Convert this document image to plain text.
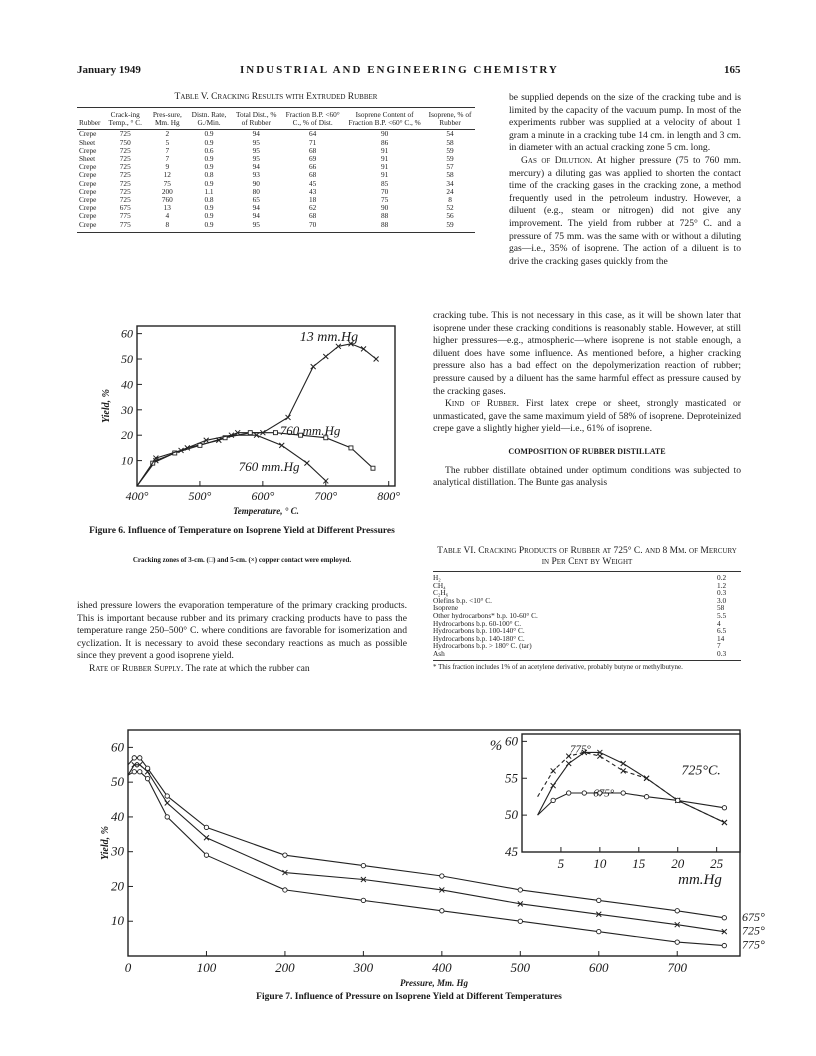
January 1949	INDUSTRIAL AND ENGINEERING CHEMISTRY	165
Table V. Cracking Results with Extruded Rubber
Rubber	Crack-ing Temp., ° C.	Pres-sure, Mm. Hg	Distn. Rate, G./Min.	Total Dist., % of Rubber	Fraction B.P. <60° C., % of Dist.	Isoprene Content of Fraction B.P. <60° C., %	Isoprene, % of Rubber
Crepe	725	2	0.9	94	64	90	54
Sheet	750	5	0.9	95	71	86	58
Crepe	725	7	0.6	95	68	91	59
Sheet	725	7	0.9	95	69	91	59
Crepe	725	9	0.9	94	66	91	57
Crepe	725	12	0.8	93	68	91	58
Crepe	725	75	0.9	90	45	85	34
Crepe	725	200	1.1	80	43	70	24
Crepe	725	760	0.8	65	18	75	8
Crepe	675	13	0.9	94	62	90	52
Crepe	775	4	0.9	94	68	88	56
Crepe	775	8	0.9	95	70	88	59

be supplied depends on the size of the cracking tube and is limited by the capacity of the vacuum pump. In most of the experiments rubber was supplied at a velocity of about 1 gram a minute in a cracking tube 14 cm. in length and 3 cm. in diameter with an actual cracking zone 5 cm. long.

Gas of Dilution. At higher pressure (75 to 760 mm. mercury) a diluting gas was applied to shorten the contact time of the cracking gases in the cracking zone, a method frequently used in the petroleum industry. However, a diluent (e.g., steam or nitrogen) did not give any improvement. The yield from rubber at 725° C. and a pressure of 75 mm. was the same with or without a diluting gas—i.e., 35% of isoprene. The action of a diluent is to drive the cracking gases quickly from the

cracking tube. This is not necessary in this case, as it will be shown later that isoprene under these cracking conditions is reasonably stable. However, at still higher pressures—e.g., atmospheric—where isoprene is not stable enough, a diluent does have some influence. As mentioned before, a higher cracking pressure also has a bad effect on the depolymerization reaction of rubber; pressure caused by a diluent has the same harmful effect as pressure caused by the cracking gases.

Kind of Rubber. First latex crepe or sheet, strongly masticated or unmasticated, gave the same maximum yield of 58% of isoprene. Deproteinized crepe gave a slightly higher yield—i.e., 61% of isoprene.

COMPOSITION OF RUBBER DISTILLATE

The rubber distillate obtained under optimum conditions was subjected to analytical distillation. The Bunte gas analysis

400°	500°	600°	700°	800°
10
20
30
40
50
60	13 mm.Hg
760 mm.Hg
760 mm.Hg
Temperature, ° C.
Yield, %
Figure 6. Influence of Temperature on Isoprene Yield at Different Pressures
Cracking zones of 3-cm. (□) and 5-cm. (×) copper contact were employed.

ished pressure lowers the evaporation temperature of the primary cracking products. This is important because rubber and its primary cracking products have to pass the temperature range 250–500° C. where conditions are favorable for isomerization and cyclization. It is necessary to avoid these secondary reactions as much as possible since they prevent a good isoprene yield.

Rate of Rubber Supply. The rate at which the rubber can

Table VI. Cracking Products of Rubber at 725° C. and 8 Mm. of Mercury in Per Cent by Weight
H₂	0.2
CH₄	1.2
C₂H₆	0.3
Olefins b.p. <10° C.	3.0
Isoprene	58
Other hydrocarbons* b.p. 10-60° C.	5.5
Hydrocarbons b.p. 60-100° C.	4
Hydrocarbons b.p. 100-140° C.	6.5
Hydrocarbons b.p. 140-180° C.	14
Hydrocarbons b.p. > 180° C. (tar)	7
Ash	0.3
* This fraction includes 1% of an acetylene derivative, probably butyne or methylbutyne.
0	100	200	300	400	500	600	700
10
20
30
40
50
60
675°
725°
775°
Pressure, Mm. Hg
Yield, %
5 10 15 20 25
45
50
55
60
775°
725°C.
675°
mm.Hg
%
Figure 7. Influence of Pressure on Isoprene Yield at Different Temperatures
